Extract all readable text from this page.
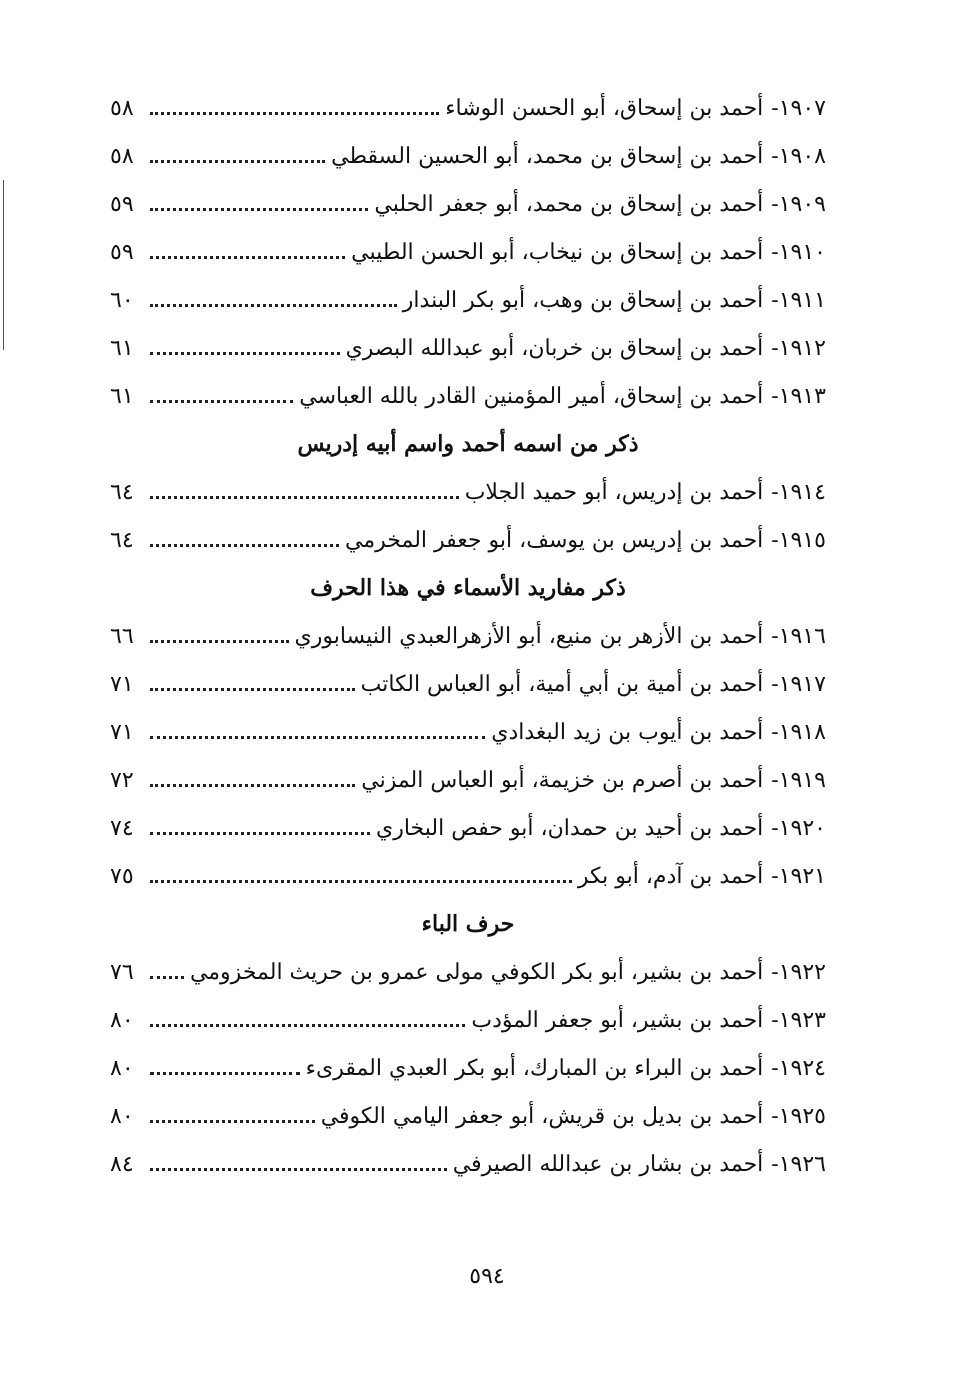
١٩٠٧-
أحمد بن إسحاق، أبو الحسن الوشاء
٥٨
١٩٠٨-
أحمد بن إسحاق بن محمد، أبو الحسين السقطي
٥٨
١٩٠٩-
أحمد بن إسحاق بن محمد، أبو جعفر الحلبي
٥٩
١٩١٠-
أحمد بن إسحاق بن نيخاب، أبو الحسن الطيبي
٥٩
١٩١١-
أحمد بن إسحاق بن وهب، أبو بكر البندار
٦٠
١٩١٢-
أحمد بن إسحاق بن خربان، أبو عبدالله البصري
٦١
١٩١٣-
أحمد بن إسحاق، أمير المؤمنين القادر بالله العباسي
٦١
ذكر من اسمه أحمد واسم أبيه إدريس
١٩١٤-
أحمد بن إدريس، أبو حميد الجلاب
٦٤
١٩١٥-
أحمد بن إدريس بن يوسف، أبو جعفر المخرمي
٦٤
ذكر مفاريد الأسماء في هذا الحرف
١٩١٦-
أحمد بن الأزهر بن منيع، أبو الأزهرالعبدي النيسابوري
٦٦
١٩١٧-
أحمد بن أمية بن أبي أمية، أبو العباس الكاتب
٧١
١٩١٨-
أحمد بن أيوب بن زيد البغدادي
٧١
١٩١٩-
أحمد بن أصرم بن خزيمة، أبو العباس المزني
٧٢
١٩٢٠-
أحمد بن أحيد بن حمدان، أبو حفص البخاري
٧٤
١٩٢١-
أحمد بن آدم، أبو بكر
٧٥
حرف الباء
١٩٢٢-
أحمد بن بشير، أبو بكر الكوفي مولى عمرو بن حريث المخزومي
٧٦
١٩٢٣-
أحمد بن بشير، أبو جعفر المؤدب
٨٠
١٩٢٤-
أحمد بن البراء بن المبارك، أبو بكر العبدي المقرىء
٨٠
١٩٢٥-
أحمد بن بديل بن قريش، أبو جعفر اليامي الكوفي
٨٠
١٩٢٦-
أحمد بن بشار بن عبدالله الصيرفي
٨٤
٥٩٤
